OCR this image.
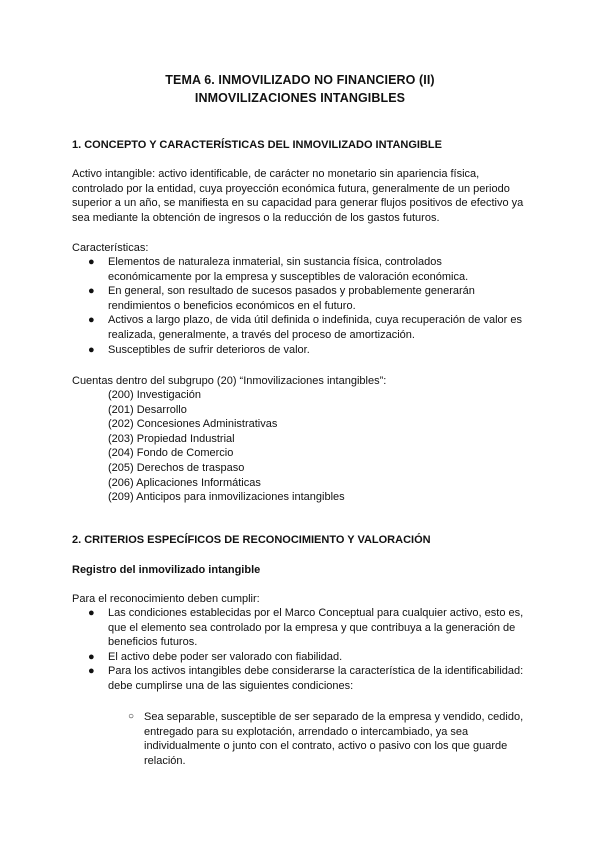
TEMA 6. INMOVILIZADO NO FINANCIERO (II)
INMOVILIZACIONES INTANGIBLES
1. CONCEPTO Y CARACTERÍSTICAS DEL INMOVILIZADO INTANGIBLE
Activo intangible: activo identificable, de carácter no monetario sin apariencia física, controlado por la entidad, cuya proyección económica futura, generalmente de un periodo superior a un año, se manifiesta en su capacidad para generar flujos positivos de efectivo ya sea mediante la obtención de ingresos o la reducción de los gastos futuros.
Características:
● Elementos de naturaleza inmaterial, sin sustancia física, controlados económicamente por la empresa y susceptibles de valoración económica.
● En general, son resultado de sucesos pasados y probablemente generarán rendimientos o beneficios económicos en el futuro.
● Activos a largo plazo, de vida útil definida o indefinida, cuya recuperación de valor es realizada, generalmente, a través del proceso de amortización.
● Susceptibles de sufrir deterioros de valor.
Cuentas dentro del subgrupo (20) “Inmovilizaciones intangibles”:
(200) Investigación
(201) Desarrollo
(202) Concesiones Administrativas
(203) Propiedad Industrial
(204) Fondo de Comercio
(205) Derechos de traspaso
(206) Aplicaciones Informáticas
(209) Anticipos para inmovilizaciones intangibles
2. CRITERIOS ESPECÍFICOS DE RECONOCIMIENTO Y VALORACIÓN
Registro del inmovilizado intangible
Para el reconocimiento deben cumplir:
● Las condiciones establecidas por el Marco Conceptual para cualquier activo, esto es, que el elemento sea controlado por la empresa y que contribuya a la generación de beneficios futuros.
● El activo debe poder ser valorado con fiabilidad.
● Para los activos intangibles debe considerarse la característica de la identificabilidad: debe cumplirse una de las siguientes condiciones:
○ Sea separable, susceptible de ser separado de la empresa y vendido, cedido, entregado para su explotación, arrendado o intercambiado, ya sea individualmente o junto con el contrato, activo o pasivo con los que guarde relación.
